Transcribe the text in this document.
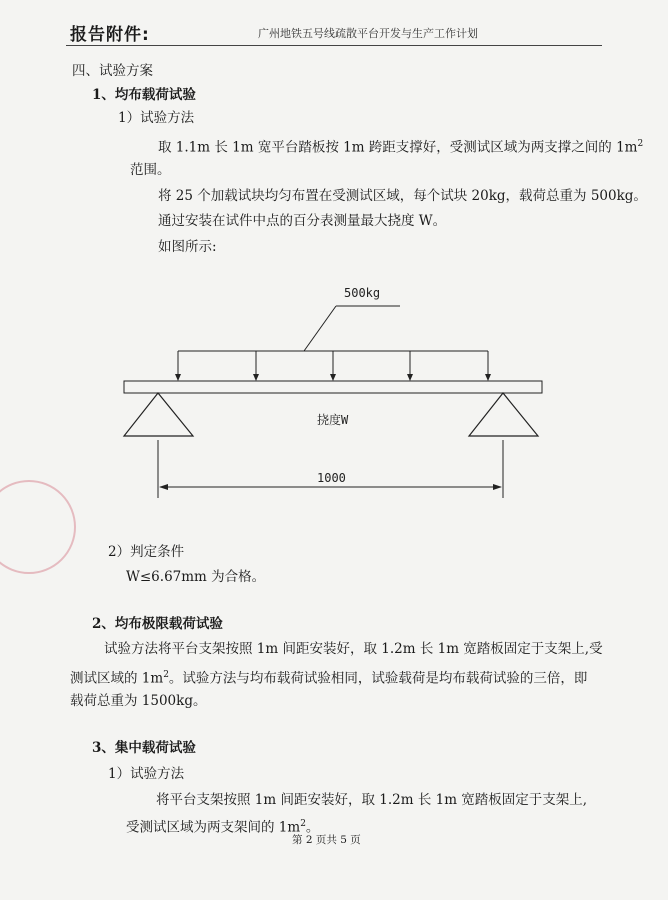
报告附件:	广州地铁五号线疏散平台开发与生产工作计划
四、试验方案
1、均布载荷试验
1）试验方法
取 1.1m 长 1m 宽平台踏板按 1m 跨距支撑好，受测试区域为两支撑之间的 $1m^2$
范围。
将 25 个加载试块均匀布置在受测试区域，每个试块 20kg，载荷总重为 500kg。
通过安装在试件中点的百分表测量最大挠度 W。
如图所示:
500kg
挠度W
1000
2）判定条件
W≤6.67mm 为合格。
2、均布极限载荷试验
试验方法将平台支架按照 1m 间距安装好，取 1.2m 长 1m 宽踏板固定于支架上,受
测试区域的 $1m^2$。试验方法与均布载荷试验相同，试验载荷是均布载荷试验的三倍，即
载荷总重为 1500kg。
3、集中载荷试验
1）试验方法
将平台支架按照 1m 间距安装好，取 1.2m 长 1m 宽踏板固定于支架上,
受测试区域为两支架间的 $1m^2$。
第 2 页共 5 页
